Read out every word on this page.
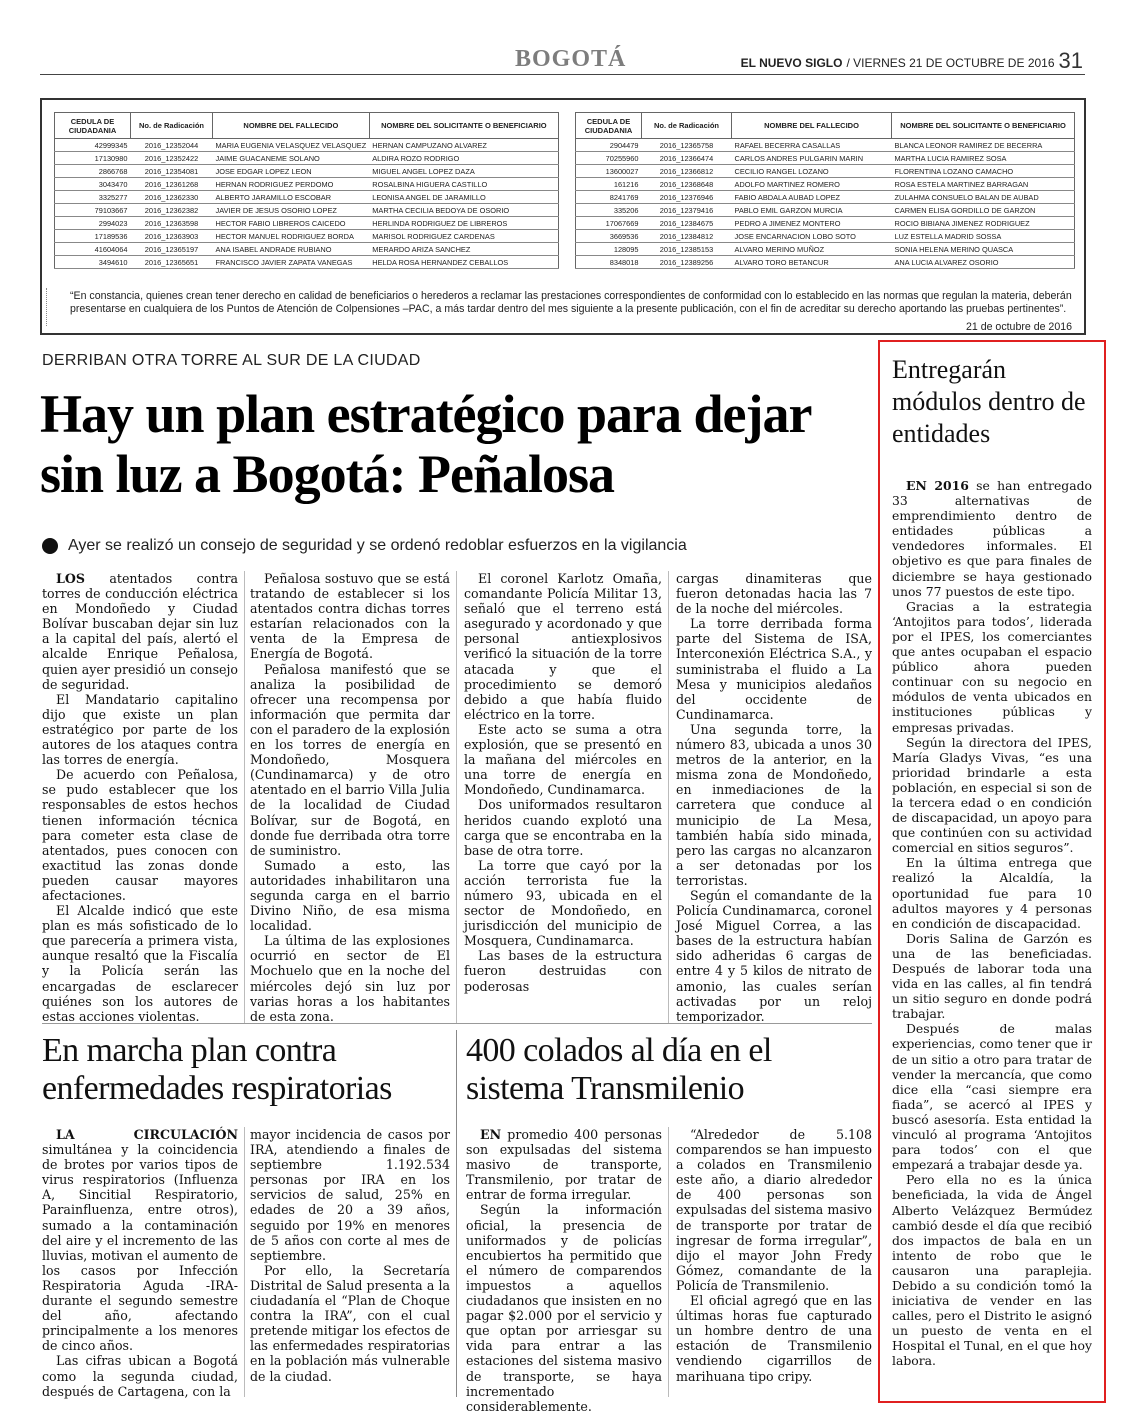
BOGOTÁ	EL NUEVO SIGLO / VIERNES 21 DE OCTUBRE DE 2016 31
CEDULA DE CIUDADANIA	No. de Radicación	NOMBRE DEL FALLECIDO	NOMBRE DEL SOLICITANTE O BENEFICIARIO
42999345	2016_12352044	MARIA EUGENIA VELASQUEZ VELASQUEZ	HERNAN CAMPUZANO ALVAREZ
17130980	2016_12352422	JAIME GUACANEME SOLANO	ALDIRA ROZO RODRIGO
2866768	2016_12354081	JOSE EDGAR LOPEZ LEON	MIGUEL ANGEL LOPEZ DAZA
3043470	2016_12361268	HERNAN RODRIGUEZ PERDOMO	ROSALBINA HIGUERA CASTILLO
3325277	2016_12362330	ALBERTO JARAMILLO ESCOBAR	LEONISA ANGEL DE JARAMILLO
79103667	2016_12362382	JAVIER DE JESUS OSORIO LOPEZ	MARTHA CECILIA BEDOYA DE OSORIO
2994023	2016_12363598	HECTOR FABIO LIBREROS CAICEDO	HERLINDA RODRIGUEZ DE LIBREROS
17189536	2016_12363903	HECTOR MANUEL RODRIGUEZ BORDA	MARISOL RODRIGUEZ CARDENAS
41604064	2016_12365197	ANA ISABEL ANDRADE RUBIANO	MERARDO ARIZA SANCHEZ
3494610	2016_12365651	FRANCISCO JAVIER ZAPATA VANEGAS	HELDA ROSA HERNANDEZ CEBALLOS
CEDULA DE CIUDADANIA	No. de Radicación	NOMBRE DEL FALLECIDO	NOMBRE DEL SOLICITANTE O BENEFICIARIO
2904479	2016_12365758	RAFAEL BECERRA CASALLAS	BLANCA LEONOR RAMIREZ DE BECERRA
70255960	2016_12366474	CARLOS ANDRES PULGARIN MARIN	MARTHA LUCIA RAMIREZ SOSA
13600027	2016_12366812	CECILIO RANGEL LOZANO	FLORENTINA LOZANO CAMACHO
161216	2016_12368648	ADOLFO MARTINEZ ROMERO	ROSA ESTELA MARTINEZ BARRAGAN
8241769	2016_12376946	FABIO ABDALA AUBAD LOPEZ	ZULAHMA CONSUELO BALAN DE AUBAD
335206	2016_12379416	PABLO EMIL GARZON MURCIA	CARMEN ELISA GORDILLO DE GARZON
17067669	2016_12384675	PEDRO A JIMENEZ MONTERO	ROCIO BIBIANA JIMENEZ RODRIGUEZ
3669536	2016_12384812	JOSE ENCARNACION LOBO SOTO	LUZ ESTELLA MADRID SOSSA
128095	2016_12385153	ALVARO MERINO MUÑOZ	SONIA HELENA MERINO QUASCA
8348018	2016_12389256	ALVARO TORO BETANCUR	ANA LUCIA ALVAREZ OSORIO
“En constancia, quienes crean tener derecho en calidad de beneficiarios o herederos a reclamar las prestaciones correspondientes de conformidad con lo establecido en las normas que regulan la materia, deberán presentarse en cualquiera de los Puntos de Atención de Colpensiones –PAC, a más tardar dentro del mes siguiente a la presente publicación, con el fin de acreditar su derecho aportando las pruebas pertinentes”.
21 de octubre de 2016
DERRIBAN OTRA TORRE AL SUR DE LA CIUDAD
Hay un plan estratégico para dejar sin luz a Bogotá: Peñalosa
Ayer se realizó un consejo de seguridad y se ordenó redoblar esfuerzos en la vigilancia

LOS atentados contra torres de conducción eléctrica en Mondoñedo y Ciudad Bolívar buscaban dejar sin luz a la capital del país, alertó el alcalde Enrique Peñalosa, quien ayer presidió un consejo de seguridad.

El Mandatario capitalino dijo que existe un plan estratégico por parte de los autores de los ataques contra las torres de energía.

De acuerdo con Peñalosa, se pudo establecer que los responsables de estos hechos tienen información técnica para cometer esta clase de atentados, pues conocen con exactitud las zonas donde pueden causar mayores afectaciones.

El Alcalde indicó que este plan es más sofisticado de lo que parecería a primera vista, aunque resaltó que la Fiscalía y la Policía serán las encargadas de esclarecer quiénes son los autores de estas acciones violentas.

Peñalosa sostuvo que se está tratando de establecer si los atentados contra dichas torres estarían relacionados con la venta de la Empresa de Energía de Bogotá.

Peñalosa manifestó que se analiza la posibilidad de ofrecer una recompensa por información que permita dar con el paradero de la explosión en los torres de energía en Mondoñedo, Mosquera (Cundinamarca) y de otro atentado en el barrio Villa Julia de la localidad de Ciudad Bolívar, sur de Bogotá, en donde fue derribada otra torre de suministro.

Sumado a esto, las autoridades inhabilitaron una segunda carga en el barrio Divino Niño, de esa misma localidad.

La última de las explosiones ocurrió en sector de El Mochuelo que en la noche del miércoles dejó sin luz por varias horas a los habitantes de esta zona.

El coronel Karlotz Omaña, comandante Policía Militar 13, señaló que el terreno está asegurado y acordonado y que personal antiexplosivos verificó la situación de la torre atacada y que el procedimiento se demoró debido a que había fluido eléctrico en la torre.

Este acto se suma a otra explosión, que se presentó en la mañana del miércoles en una torre de energía en Mondoñedo, Cundinamarca.

Dos uniformados resultaron heridos cuando explotó una carga que se encontraba en la base de otra torre.

La torre que cayó por la acción terrorista fue la número 93, ubicada en el sector de Mondoñedo, en jurisdicción del municipio de Mosquera, Cundinamarca.

Las bases de la estructura fueron destruidas con poderosas

cargas dinamiteras que fueron detonadas hacia las 7 de la noche del miércoles.

La torre derribada forma parte del Sistema de ISA, Interconexión Eléctrica S.A., y suministraba el fluido a La Mesa y municipios aledaños del occidente de Cundinamarca.

Una segunda torre, la número 83, ubicada a unos 30 metros de la anterior, en la misma zona de Mondoñedo, en inmediaciones de la carretera que conduce al municipio de La Mesa, también había sido minada, pero las cargas no alcanzaron a ser detonadas por los terroristas.

Según el comandante de la Policía Cundinamarca, coronel José Miguel Correa, a las bases de la estructura habían sido adheridas 6 cargas de entre 4 y 5 kilos de nitrato de amonio, las cuales serían activadas por un reloj temporizador.

En marcha plan contra enfermedades respiratorias

LA CIRCULACIÓN simultánea y la coincidencia de brotes por varios tipos de virus respiratorios (Influenza A, Sincitial Respiratorio, Parainfluenza, entre otros), sumado a la contaminación del aire y el incremento de las lluvias, motivan el aumento de los casos por Infección Respiratoria Aguda -IRA- durante el segundo semestre del año, afectando principalmente a los menores de cinco años.

Las cifras ubican a Bogotá como la segunda ciudad, después de Cartagena, con la

mayor incidencia de casos por IRA, atendiendo a finales de septiembre 1.192.534 personas por IRA en los servicios de salud, 25% en edades de 20 a 39 años, seguido por 19% en menores de 5 años con corte al mes de septiembre.

Por ello, la Secretaría Distrital de Salud presenta a la ciudadanía el “Plan de Choque contra la IRA”, con el cual pretende mitigar los efectos de las enfermedades respiratorias en la población más vulnerable de la ciudad.

400 colados al día en el sistema Transmilenio

EN promedio 400 personas son expulsadas del sistema masivo de transporte, Transmilenio, por tratar de entrar de forma irregular.

Según la información oficial, la presencia de uniformados y de policías encubiertos ha permitido que el número de comparendos impuestos a aquellos ciudadanos que insisten en no pagar $2.000 por el servicio y que optan por arriesgar su vida para entrar a las estaciones del sistema masivo de transporte, se haya incrementado considerablemente.

“Alrededor de 5.108 comparendos se han impuesto a colados en Transmilenio este año, a diario alrededor de 400 personas son expulsadas del sistema masivo de transporte por tratar de ingresar de forma irregular”, dijo el mayor John Fredy Gómez, comandante de la Policía de Transmilenio.

El oficial agregó que en las últimas horas fue capturado un hombre dentro de una estación de Transmilenio vendiendo cigarrillos de marihuana tipo cripy.

Entregarán módulos dentro de entidades

EN 2016 se han entregado 33 alternativas de emprendimiento dentro de entidades públicas a vendedores informales. El objetivo es que para finales de diciembre se haya gestionado unos 77 puestos de este tipo.

Gracias a la estrategia ‘Antojitos para todos’, liderada por el IPES, los comerciantes que antes ocupaban el espacio público ahora pueden continuar con su negocio en módulos de venta ubicados en instituciones públicas y empresas privadas.

Según la directora del IPES, María Gladys Vivas, “es una prioridad brindarle a esta población, en especial si son de la tercera edad o en condición de discapacidad, un apoyo para que continúen con su actividad comercial en sitios seguros”.

En la última entrega que realizó la Alcaldía, la oportunidad fue para 10 adultos mayores y 4 personas en condición de discapacidad.

Doris Salina de Garzón es una de las beneficiadas. Después de laborar toda una vida en las calles, al fin tendrá un sitio seguro en donde podrá trabajar.

Después de malas experiencias, como tener que ir de un sitio a otro para tratar de vender la mercancía, que como dice ella “casi siempre era fiada”, se acercó al IPES y buscó asesoría. Esta entidad la vinculó al programa ‘Antojitos para todos’ con el que empezará a trabajar desde ya.

Pero ella no es la única beneficiada, la vida de Ángel Alberto Velázquez Bermúdez cambió desde el día que recibió dos impactos de bala en un intento de robo que le causaron una paraplejia. Debido a su condición tomó la iniciativa de vender en las calles, pero el Distrito le asignó un puesto de venta en el Hospital el Tunal, en el que hoy labora.
